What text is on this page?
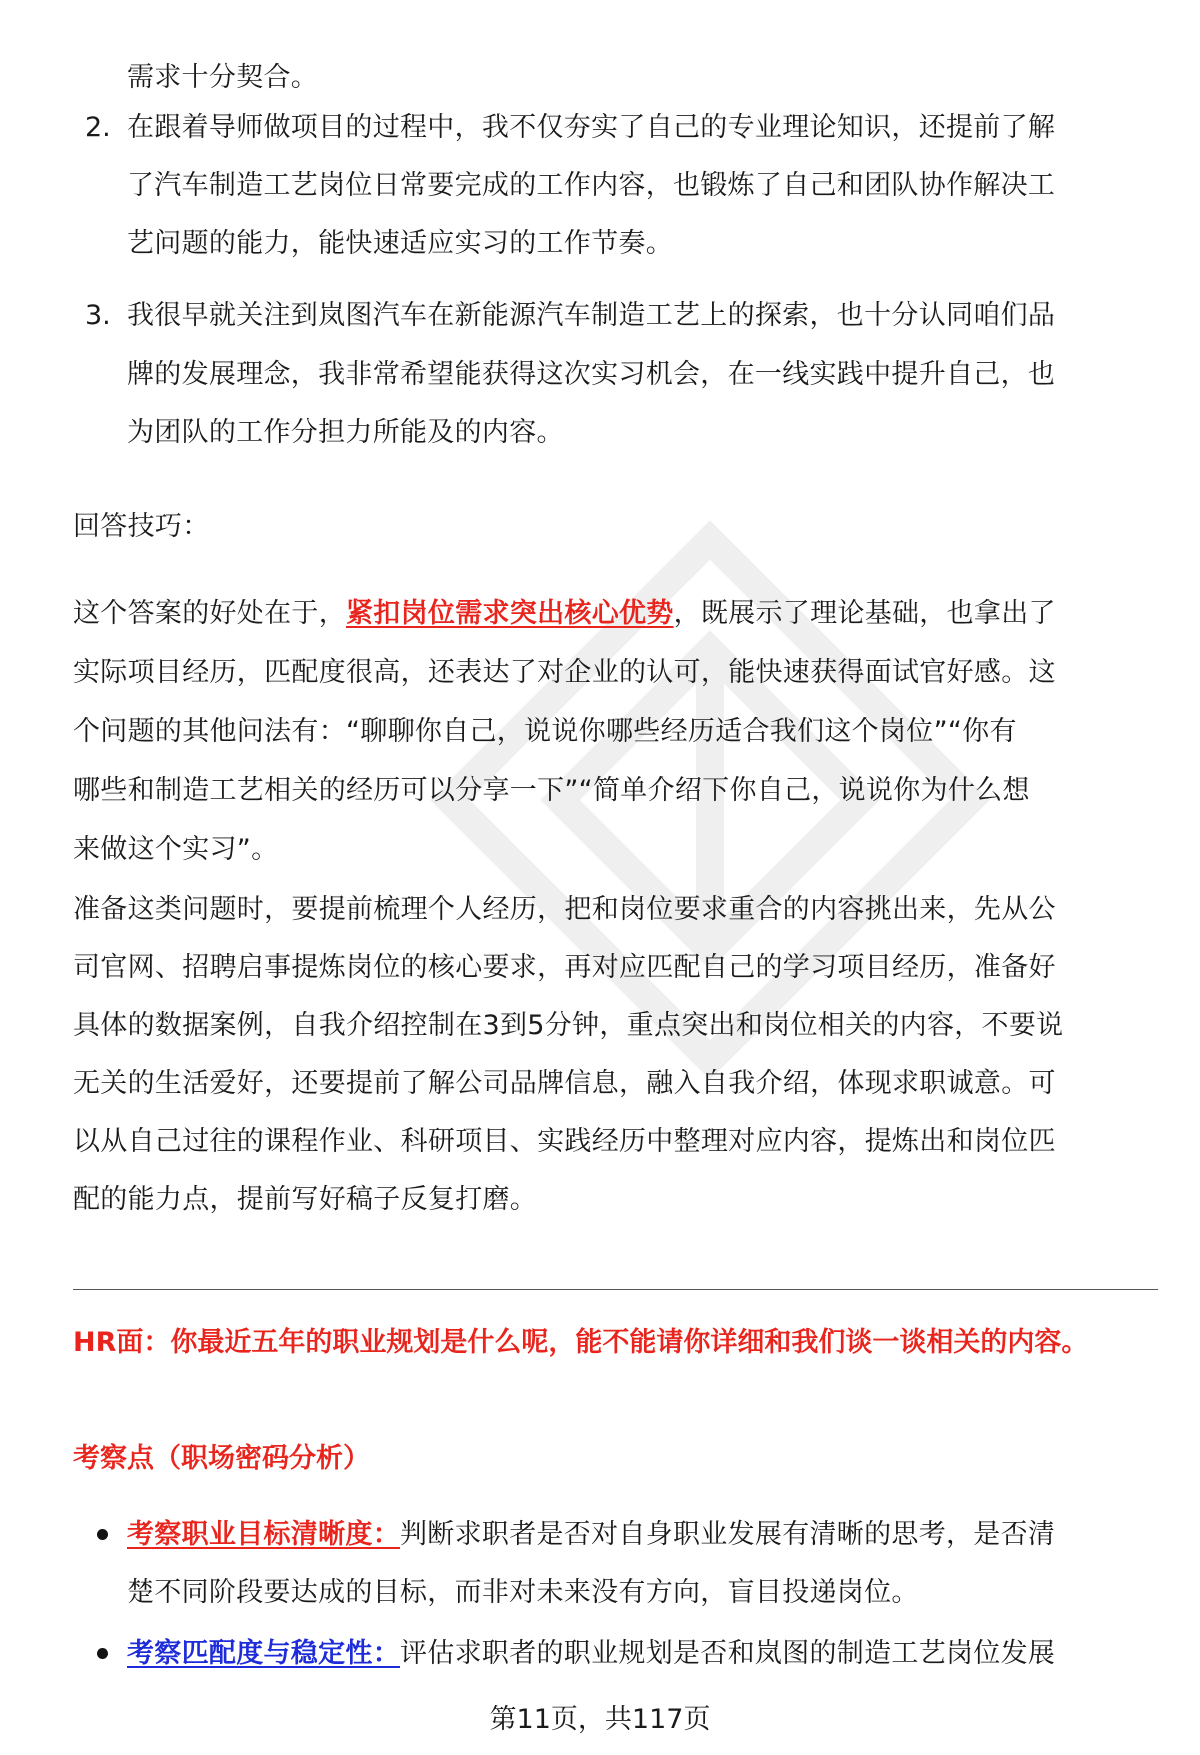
需求十分契合。

2. 在跟着导师做项目的过程中，我不仅夯实了自己的专业理论知识，还提前了解

了汽车制造工艺岗位日常要完成的工作内容，也锻炼了自己和团队协作解决工

艺问题的能力，能快速适应实习的工作节奏。

3. 我很早就关注到岚图汽车在新能源汽车制造工艺上的探索，也十分认同咱们品

牌的发展理念，我非常希望能获得这次实习机会，在一线实践中提升自己，也

为团队的工作分担力所能及的内容。

回答技巧：

这个答案的好处在于，紧扣岗位需求突出核心优势，既展示了理论基础，也拿出了

实际项目经历，匹配度很高，还表达了对企业的认可，能快速获得面试官好感。这

个问题的其他问法有：“聊聊你自己，说说你哪些经历适合我们这个岗位”“你有

哪些和制造工艺相关的经历可以分享一下”“简单介绍下你自己，说说你为什么想

来做这个实习”。

准备这类问题时，要提前梳理个人经历，把和岗位要求重合的内容挑出来，先从公

司官网、招聘启事提炼岗位的核心要求，再对应匹配自己的学习项目经历，准备好

具体的数据案例，自我介绍控制在3到5分钟，重点突出和岗位相关的内容，不要说

无关的生活爱好，还要提前了解公司品牌信息，融入自我介绍，体现求职诚意。可

以从自己过往的课程作业、科研项目、实践经历中整理对应内容，提炼出和岗位匹

配的能力点，提前写好稿子反复打磨。

HR面：你最近五年的职业规划是什么呢，能不能请你详细和我们谈一谈相关的内容。

考察点（职场密码分析）

考察职业目标清晰度：判断求职者是否对自身职业发展有清晰的思考，是否清

楚不同阶段要达成的目标，而非对未来没有方向，盲目投递岗位。

考察匹配度与稳定性：评估求职者的职业规划是否和岚图的制造工艺岗位发展

第11页，共117页
